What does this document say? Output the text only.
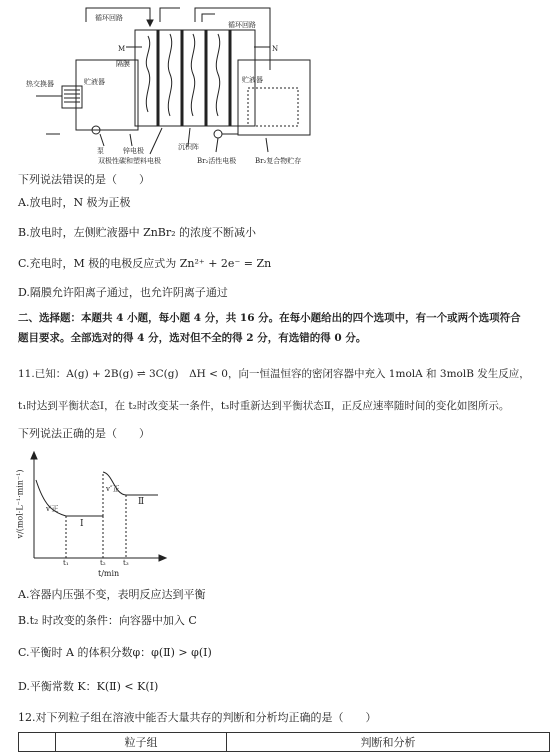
循环回路
循环回路
M	N
隔膜
热交换器	贮液器	贮液器
泵	锌电极	沉积阵
双极性碳和塑料电极	Br₂活性电极	Br₂复合物贮存
下列说法错误的是（　　）
A.放电时，N 极为正极
B.放电时，左侧贮液器中 ZnBr₂ 的浓度不断减小
C.充电时，M 极的电极反应式为 Zn²⁺ + 2e⁻ = Zn
D.隔膜允许阳离子通过，也允许阴离子通过
二、选择题：本题共 4 小题，每小题 4 分，共 16 分。在每小题给出的四个选项中，有一个或两个选项符合
题目要求。全部选对的得 4 分，选对但不全的得 2 分，有选错的得 0 分。
11.已知：A(g) + 2B(g) ⇌ 3C(g)　ΔH < 0，向一恒温恒容的密闭容器中充入 1molA 和 3molB 发生反应，
t₁时达到平衡状态Ⅰ，在 t₂时改变某一条件，t₃时重新达到平衡状态Ⅱ，正反应速率随时间的变化如图所示。
下列说法正确的是（　　）
v/(mol·L⁻¹·min⁻¹)
t/min
t₁	t₂ t₃
v′正
v″正
Ⅰ
Ⅱ
A.容器内压强不变，表明反应达到平衡
B.t₂ 时改变的条件：向容器中加入 C
C.平衡时 A 的体积分数φ：φ(Ⅱ) > φ(Ⅰ)
D.平衡常数 K：K(Ⅱ) < K(Ⅰ)
12.对下列粒子组在溶液中能否大量共存的判断和分析均正确的是（　　）
	粒子组	判断和分析
